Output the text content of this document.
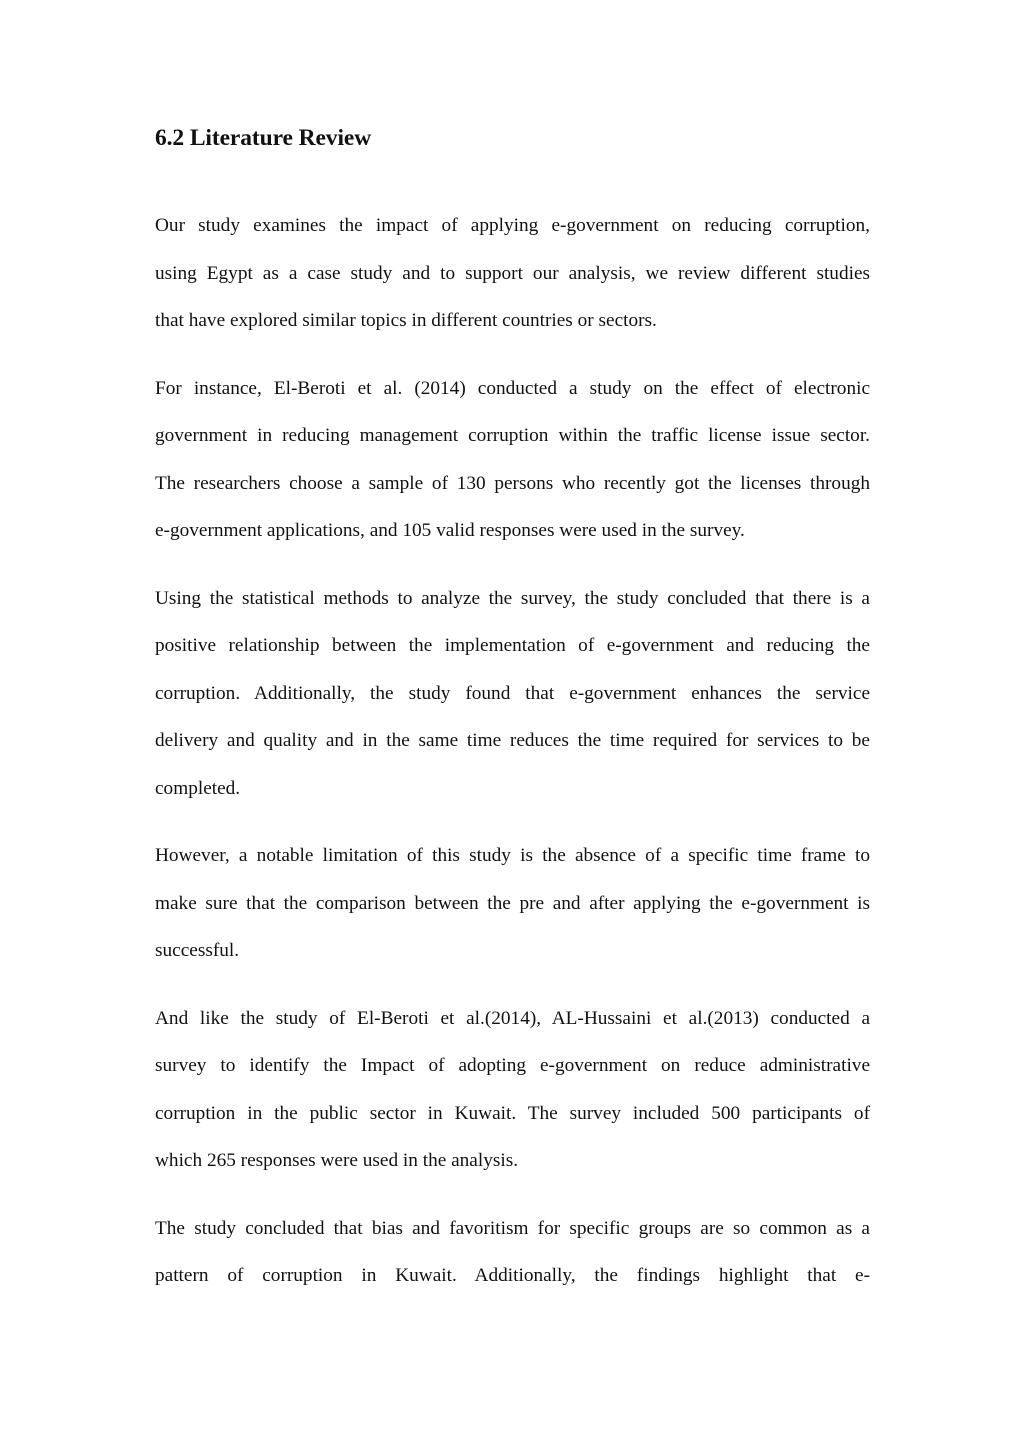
6.2 Literature Review

Our study examines the impact of applying e-government on reducing corruption,
using Egypt as a case study and to support our analysis, we review different studies
that have explored similar topics in different countries or sectors.

For instance, El-Beroti et al. (2014) conducted a study on the effect of electronic
government in reducing management corruption within the traffic license issue sector.
The researchers choose a sample of 130 persons who recently got the licenses through
e-government applications, and 105 valid responses were used in the survey.

Using the statistical methods to analyze the survey, the study concluded that there is a
positive relationship between the implementation of e-government and reducing the
corruption. Additionally, the study found that e-government enhances the service
delivery and quality and in the same time reduces the time required for services to be
completed.

However, a notable limitation of this study is the absence of a specific time frame to
make sure that the comparison between the pre and after applying the e-government is
successful.

And like the study of El-Beroti et al.(2014), AL-Hussaini et al.(2013) conducted a
survey to identify the Impact of adopting e-government on reduce administrative
corruption in the public sector in Kuwait. The survey included 500 participants of
which 265 responses were used in the analysis.

The study concluded that bias and favoritism for specific groups are so common as a
pattern of corruption in Kuwait. Additionally, the findings highlight that e-
